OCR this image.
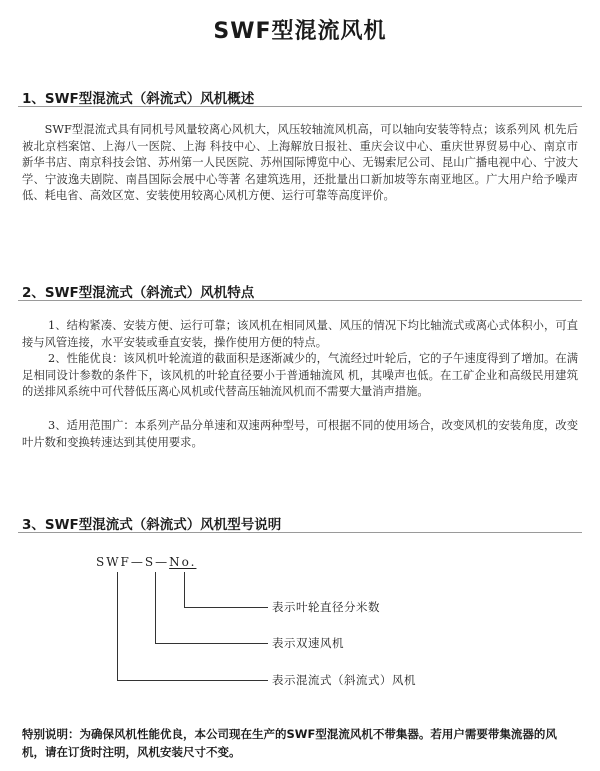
SWF型混流风机
1、SWF型混流式（斜流式）风机概述

SWF型混流式具有同机号风量较离心风机大，风压较轴流风机高，可以轴向安装等特点；该系列风 机先后被北京档案馆、上海八一医院、上海 科技中心、上海解放日报社、重庆会议中心、重庆世界贸易中心、南京市新华书店、南京科技会馆、苏州第一人民医院、苏州国际博览中心、无锡索尼公司、昆山广播电视中心、宁波大学、宁波逸夫剧院、南昌国际会展中心等著 名建筑选用，还批量出口新加坡等东南亚地区。广大用户给予噪声低、耗电省、高效区宽、安装使用较离心风机方便、运行可靠等高度评价。

2、SWF型混流式（斜流式）风机特点

1、结构紧凑、安装方便、运行可靠；该风机在相同风量、风压的情况下均比轴流式或离心式体积小，可直接与风管连接，水平安装或垂直安装，操作使用方便的特点。

2、性能优良：该风机叶轮流道的截面积是逐渐减少的，气流经过叶轮后，它的子午速度得到了增加。在满足相同设计参数的条件下，该风机的叶轮直径要小于普通轴流风 机，其噪声也低。在工矿企业和高级民用建筑的送排风系统中可代替低压离心风机或代替高压轴流风机而不需要大量消声措施。

3、适用范围广：本系列产品分单速和双速两种型号，可根据不同的使用场合，改变风机的安装角度，改变叶片数和变换转速达到其使用要求。

3、SWF型混流式（斜流式）风机型号说明
SWF—S—No.
表示叶轮直径分米数
表示双速风机
表示混流式（斜流式）风机

特别说明：为确保风机性能优良，本公司现在生产的SWF型混流风机不带集器。若用户需要带集流器的风机，请在订货时注明，风机安装尺寸不变。
